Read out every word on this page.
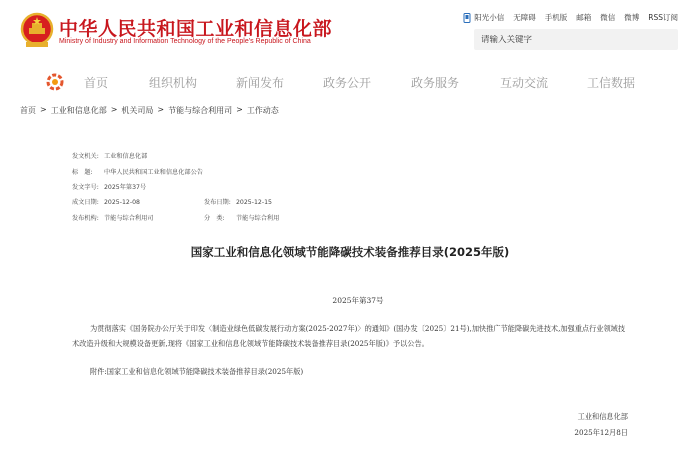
中华人民共和国工业和信息化部
Ministry of Industry and Information Technology of the People's Republic of China
阳光小信 无障碍 手机版 邮箱 微信 微博 RSS订阅
请输入关键字
首页	组织机构	新闻发布	政务公开	政务服务	互动交流	工信数据
首页 > 工业和信息化部 > 机关司局 > 节能与综合利用司 > 工作动态
发文机关: 工业和信息化部
标　题: 中华人民共和国工业和信息化部公告
发文字号: 2025年第37号
成文日期: 2025-12-08	发布日期: 2025-12-15
发布机构: 节能与综合利用司	分　类: 节能与综合利用
国家工业和信息化领域节能降碳技术装备推荐目录(2025年版)
2025年第37号
为贯彻落实《国务院办公厅关于印发〈制造业绿色低碳发展行动方案(2025-2027年)〉的通知》(国办发〔2025〕21号),加快推广节能降碳先进技术,加强重点行业领域技术改造升级和大规模设备更新,现将《国家工业和信息化领域节能降碳技术装备推荐目录(2025年版)》予以公告。
附件:国家工业和信息化领域节能降碳技术装备推荐目录(2025年版)
工业和信息化部
2025年12月8日
